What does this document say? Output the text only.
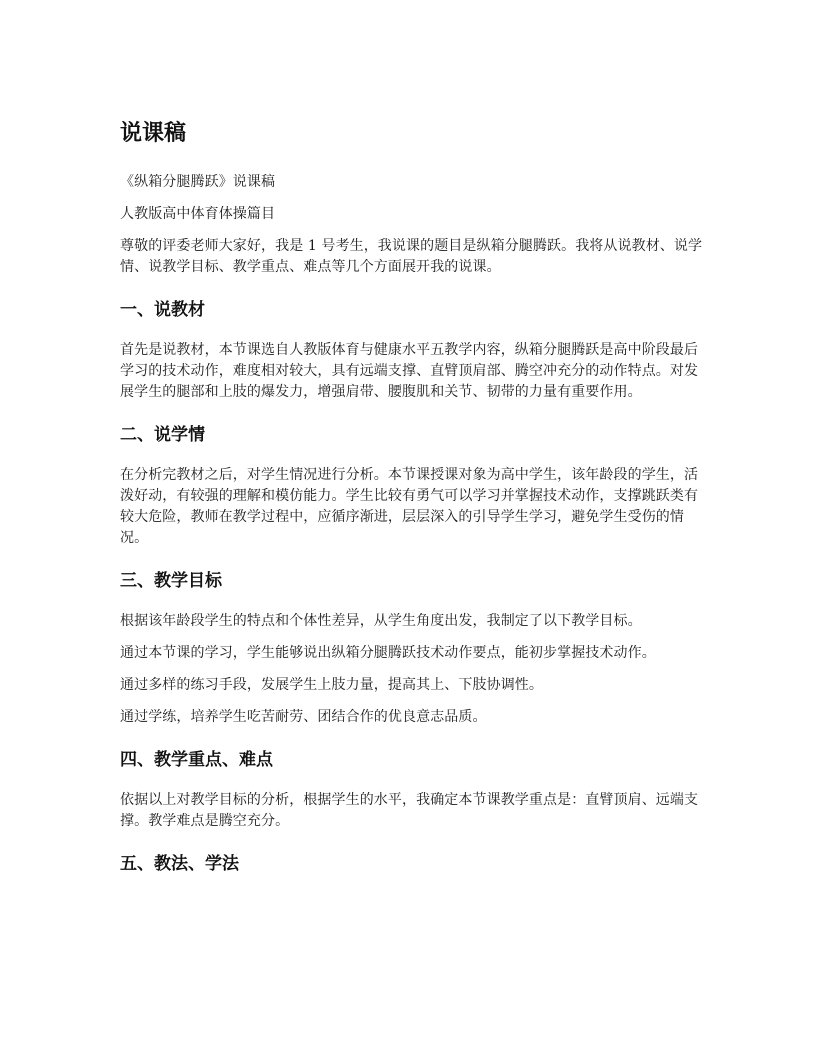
说课稿

《纵箱分腿腾跃》说课稿

人教版高中体育体操篇目

尊敬的评委老师大家好，我是 1 号考生，我说课的题目是纵箱分腿腾跃。我将从说教材、说学情、说教学目标、教学重点、难点等几个方面展开我的说课。

一、说教材

首先是说教材，本节课选自人教版体育与健康水平五教学内容，纵箱分腿腾跃是高中阶段最后学习的技术动作，难度相对较大，具有远端支撑、直臂顶肩部、腾空冲充分的动作特点。对发展学生的腿部和上肢的爆发力，增强肩带、腰腹肌和关节、韧带的力量有重要作用。

二、说学情

在分析完教材之后，对学生情况进行分析。本节课授课对象为高中学生，该年龄段的学生，活泼好动，有较强的理解和模仿能力。学生比较有勇气可以学习并掌握技术动作，支撑跳跃类有较大危险，教师在教学过程中，应循序渐进，层层深入的引导学生学习，避免学生受伤的情况。

三、教学目标

根据该年龄段学生的特点和个体性差异，从学生角度出发，我制定了以下教学目标。

通过本节课的学习，学生能够说出纵箱分腿腾跃技术动作要点，能初步掌握技术动作。

通过多样的练习手段，发展学生上肢力量，提高其上、下肢协调性。

通过学练，培养学生吃苦耐劳、团结合作的优良意志品质。

四、教学重点、难点

依据以上对教学目标的分析，根据学生的水平，我确定本节课教学重点是：直臂顶肩、远端支撑。教学难点是腾空充分。

五、教法、学法
